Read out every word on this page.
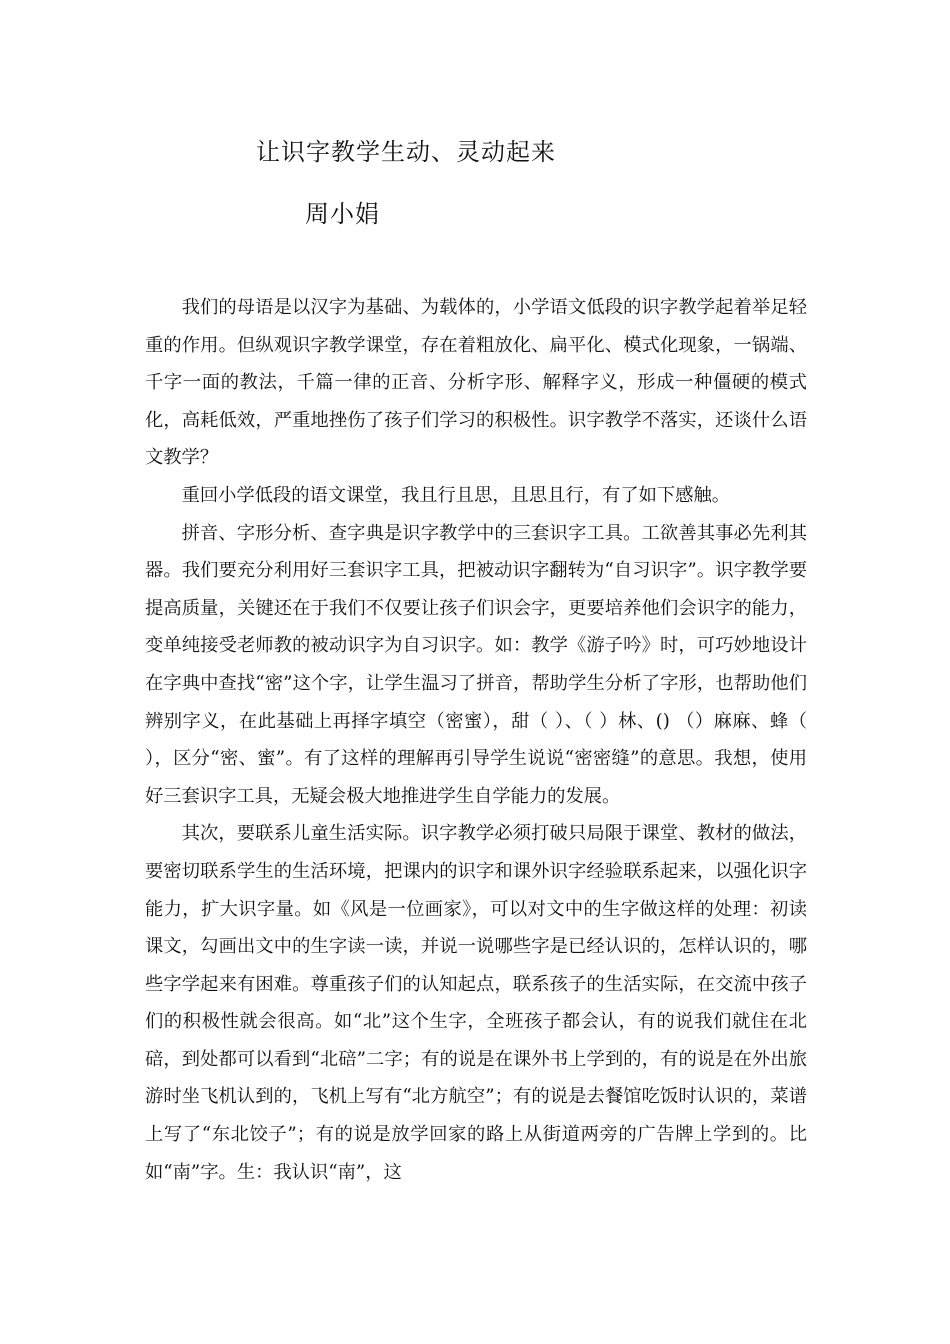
让识字教学生动、灵动起来
周小娟

我们的母语是以汉字为基础、为载体的，小学语文低段的识字教学起着举足轻重的作用。但纵观识字教学课堂，存在着粗放化、扁平化、模式化现象，一锅端、千字一面的教法，千篇一律的正音、分析字形、解释字义，形成一种僵硬的模式化，高耗低效，严重地挫伤了孩子们学习的积极性。识字教学不落实，还谈什么语文教学？

重回小学低段的语文课堂，我且行且思，且思且行，有了如下感触。

拼音、字形分析、查字典是识字教学中的三套识字工具。工欲善其事必先利其器。我们要充分利用好三套识字工具，把被动识字翻转为“自习识字”。识字教学要提高质量，关键还在于我们不仅要让孩子们识会字，更要培养他们会识字的能力，变单纯接受老师教的被动识字为自习识字。如：教学《游子吟》时，可巧妙地设计在字典中查找“密”这个字，让学生温习了拼音，帮助学生分析了字形，也帮助他们辨别字义，在此基础上再择字填空（密蜜），甜（ ）、（ ）林、() （）麻麻、蜂（ ），区分“密、蜜”。有了这样的理解再引导学生说说“密密缝”的意思。我想，使用好三套识字工具，无疑会极大地推进学生自学能力的发展。

其次，要联系儿童生活实际。识字教学必须打破只局限于课堂、教材的做法，要密切联系学生的生活环境，把课内的识字和课外识字经验联系起来，以强化识字能力，扩大识字量。如《风是一位画家》，可以对文中的生字做这样的处理：初读课文，勾画出文中的生字读一读，并说一说哪些字是已经认识的，怎样认识的，哪些字学起来有困难。尊重孩子们的认知起点，联系孩子的生活实际，在交流中孩子们的积极性就会很高。如“北”这个生字，全班孩子都会认，有的说我们就住在北碚，到处都可以看到“北碚”二字；有的说是在课外书上学到的，有的说是在外出旅游时坐飞机认到的，飞机上写有“北方航空”；有的说是去餐馆吃饭时认识的，菜谱上写了“东北饺子”；有的说是放学回家的路上从街道两旁的广告牌上学到的。比如“南”字。生：我认识“南”，这
